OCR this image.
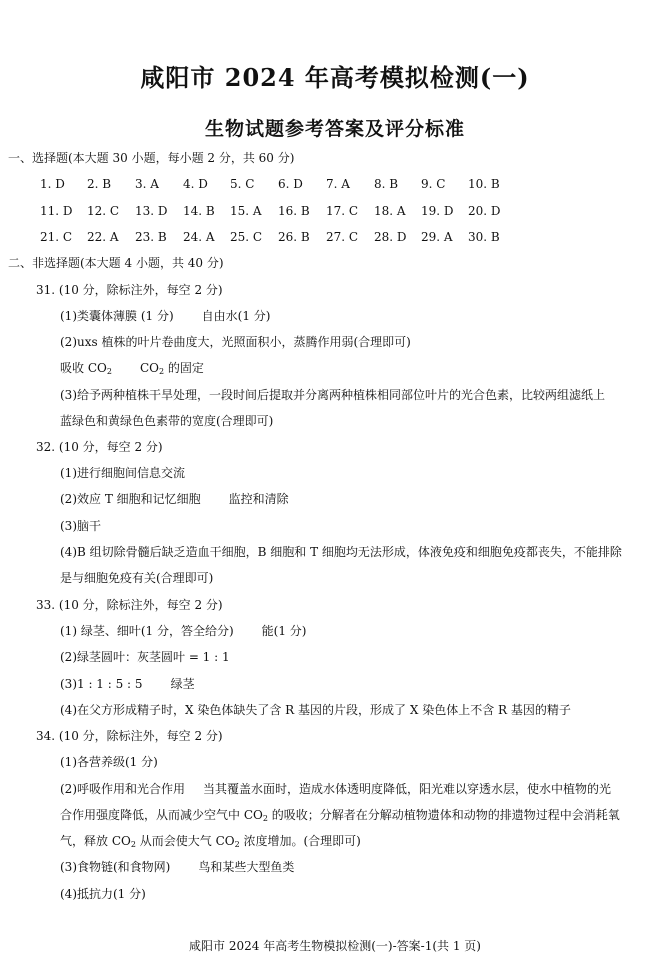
咸阳市 2024 年高考模拟检测(一)
生物试题参考答案及评分标准
一、选择题(本大题 30 小题，每小题 2 分，共 60 分)
1. D 2. B 3. A 4. D 5. C 6. D 7. A 8. B 9. C 10. B
11. D 12. C 13. D 14. B 15. A 16. B 17. C 18. A 19. D 20. D
21. C 22. A 23. B 24. A 25. C 26. B 27. C 28. D 29. A 30. B
二、非选择题(本大题 4 小题，共 40 分)
31. (10 分，除标注外，每空 2 分)
(1)类囊体薄膜 (1 分) 自由水(1 分)
(2)uxs 植株的叶片卷曲度大，光照面积小，蒸腾作用弱(合理即可)
吸收 CO2 CO2 的固定
(3)给予两种植株干旱处理，一段时间后提取并分离两种植株相同部位叶片的光合色素，比较两组滤纸上
蓝绿色和黄绿色色素带的宽度(合理即可)
32. (10 分，每空 2 分)
(1)进行细胞间信息交流
(2)效应 T 细胞和记忆细胞 监控和清除
(3)脑干
(4)B 组切除骨髓后缺乏造血干细胞，B 细胞和 T 细胞均无法形成，体液免疫和细胞免疫都丧失，不能排除
是与细胞免疫有关(合理即可)
33. (10 分，除标注外，每空 2 分)
(1) 绿茎、细叶(1 分，答全给分) 能(1 分)
(2)绿茎圆叶：灰茎圆叶 = 1 : 1
(3)1 : 1 : 5 : 5 绿茎
(4)在父方形成精子时，X 染色体缺失了含 R 基因的片段，形成了 X 染色体上不含 R 基因的精子
34. (10 分，除标注外，每空 2 分)
(1)各营养级(1 分)
(2)呼吸作用和光合作用 当其覆盖水面时，造成水体透明度降低，阳光难以穿透水层，使水中植物的光
合作用强度降低，从而减少空气中 CO2 的吸收；分解者在分解动植物遗体和动物的排遗物过程中会消耗氧
气，释放 CO2 从而会使大气 CO2 浓度增加。(合理即可)
(3)食物链(和食物网) 鸟和某些大型鱼类
(4)抵抗力(1 分)
咸阳市 2024 年高考生物模拟检测(一)-答案-1(共 1 页)
